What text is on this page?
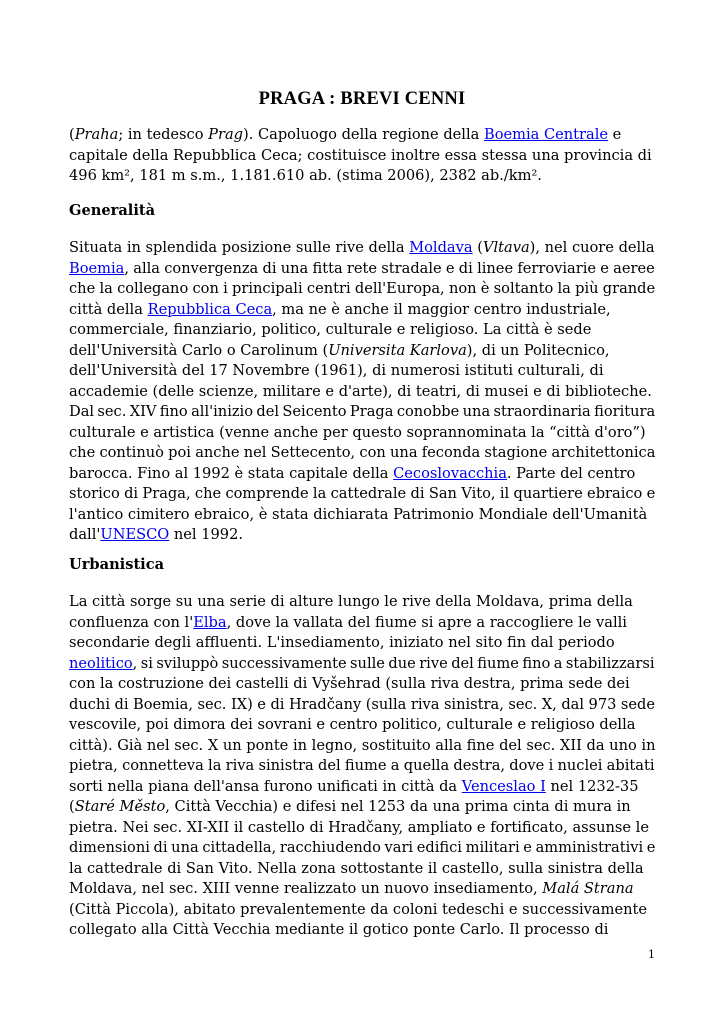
PRAGA : BREVI CENNI
(Praha; in tedesco Prag). Capoluogo della regione della Boemia Centrale e
capitale della Repubblica Ceca; costituisce inoltre essa stessa una provincia di
496 km², 181 m s.m., 1.181.610 ab. (stima 2006), 2382 ab./km².
Generalità
Situata in splendida posizione sulle rive della Moldava (Vltava), nel cuore della
Boemia, alla convergenza di una fitta rete stradale e di linee ferroviarie e aeree
che la collegano con i principali centri dell'Europa, non è soltanto la più grande
città della Repubblica Ceca, ma ne è anche il maggior centro industriale,
commerciale, finanziario, politico, culturale e religioso. La città è sede
dell'Università Carlo o Carolinum (Universita Karlova), di un Politecnico,
dell'Università del 17 Novembre (1961), di numerosi istituti culturali, di
accademie (delle scienze, militare e d'arte), di teatri, di musei e di biblioteche.
Dal sec. XIV fino all'inizio del Seicento Praga conobbe una straordinaria fioritura
culturale e artistica (venne anche per questo soprannominata la “città d'oro”)
che continuò poi anche nel Settecento, con una feconda stagione architettonica
barocca. Fino al 1992 è stata capitale della Cecoslovacchia. Parte del centro
storico di Praga, che comprende la cattedrale di San Vito, il quartiere ebraico e
l'antico cimitero ebraico, è stata dichiarata Patrimonio Mondiale dell'Umanità
dall'UNESCO nel 1992.
Urbanistica
La città sorge su una serie di alture lungo le rive della Moldava, prima della
confluenza con l'Elba, dove la vallata del fiume si apre a raccogliere le valli
secondarie degli affluenti. L'insediamento, iniziato nel sito fin dal periodo
neolitico, si sviluppò successivamente sulle due rive del fiume fino a stabilizzarsi
con la costruzione dei castelli di Vyšehrad (sulla riva destra, prima sede dei
duchi di Boemia, sec. IX) e di Hradčany (sulla riva sinistra, sec. X, dal 973 sede
vescovile, poi dimora dei sovrani e centro politico, culturale e religioso della
città). Già nel sec. X un ponte in legno, sostituito alla fine del sec. XII da uno in
pietra, connetteva la riva sinistra del fiume a quella destra, dove i nuclei abitati
sorti nella piana dell'ansa furono unificati in città da Venceslao I nel 1232-35
(Staré Město, Città Vecchia) e difesi nel 1253 da una prima cinta di mura in
pietra. Nei sec. XI-XII il castello di Hradčany, ampliato e fortificato, assunse le
dimensioni di una cittadella, racchiudendo vari edifici militari e amministrativi e
la cattedrale di San Vito. Nella zona sottostante il castello, sulla sinistra della
Moldava, nel sec. XIII venne realizzato un nuovo insediamento, Malá Strana
(Città Piccola), abitato prevalentemente da coloni tedeschi e successivamente
collegato alla Città Vecchia mediante il gotico ponte Carlo. Il processo di
1
